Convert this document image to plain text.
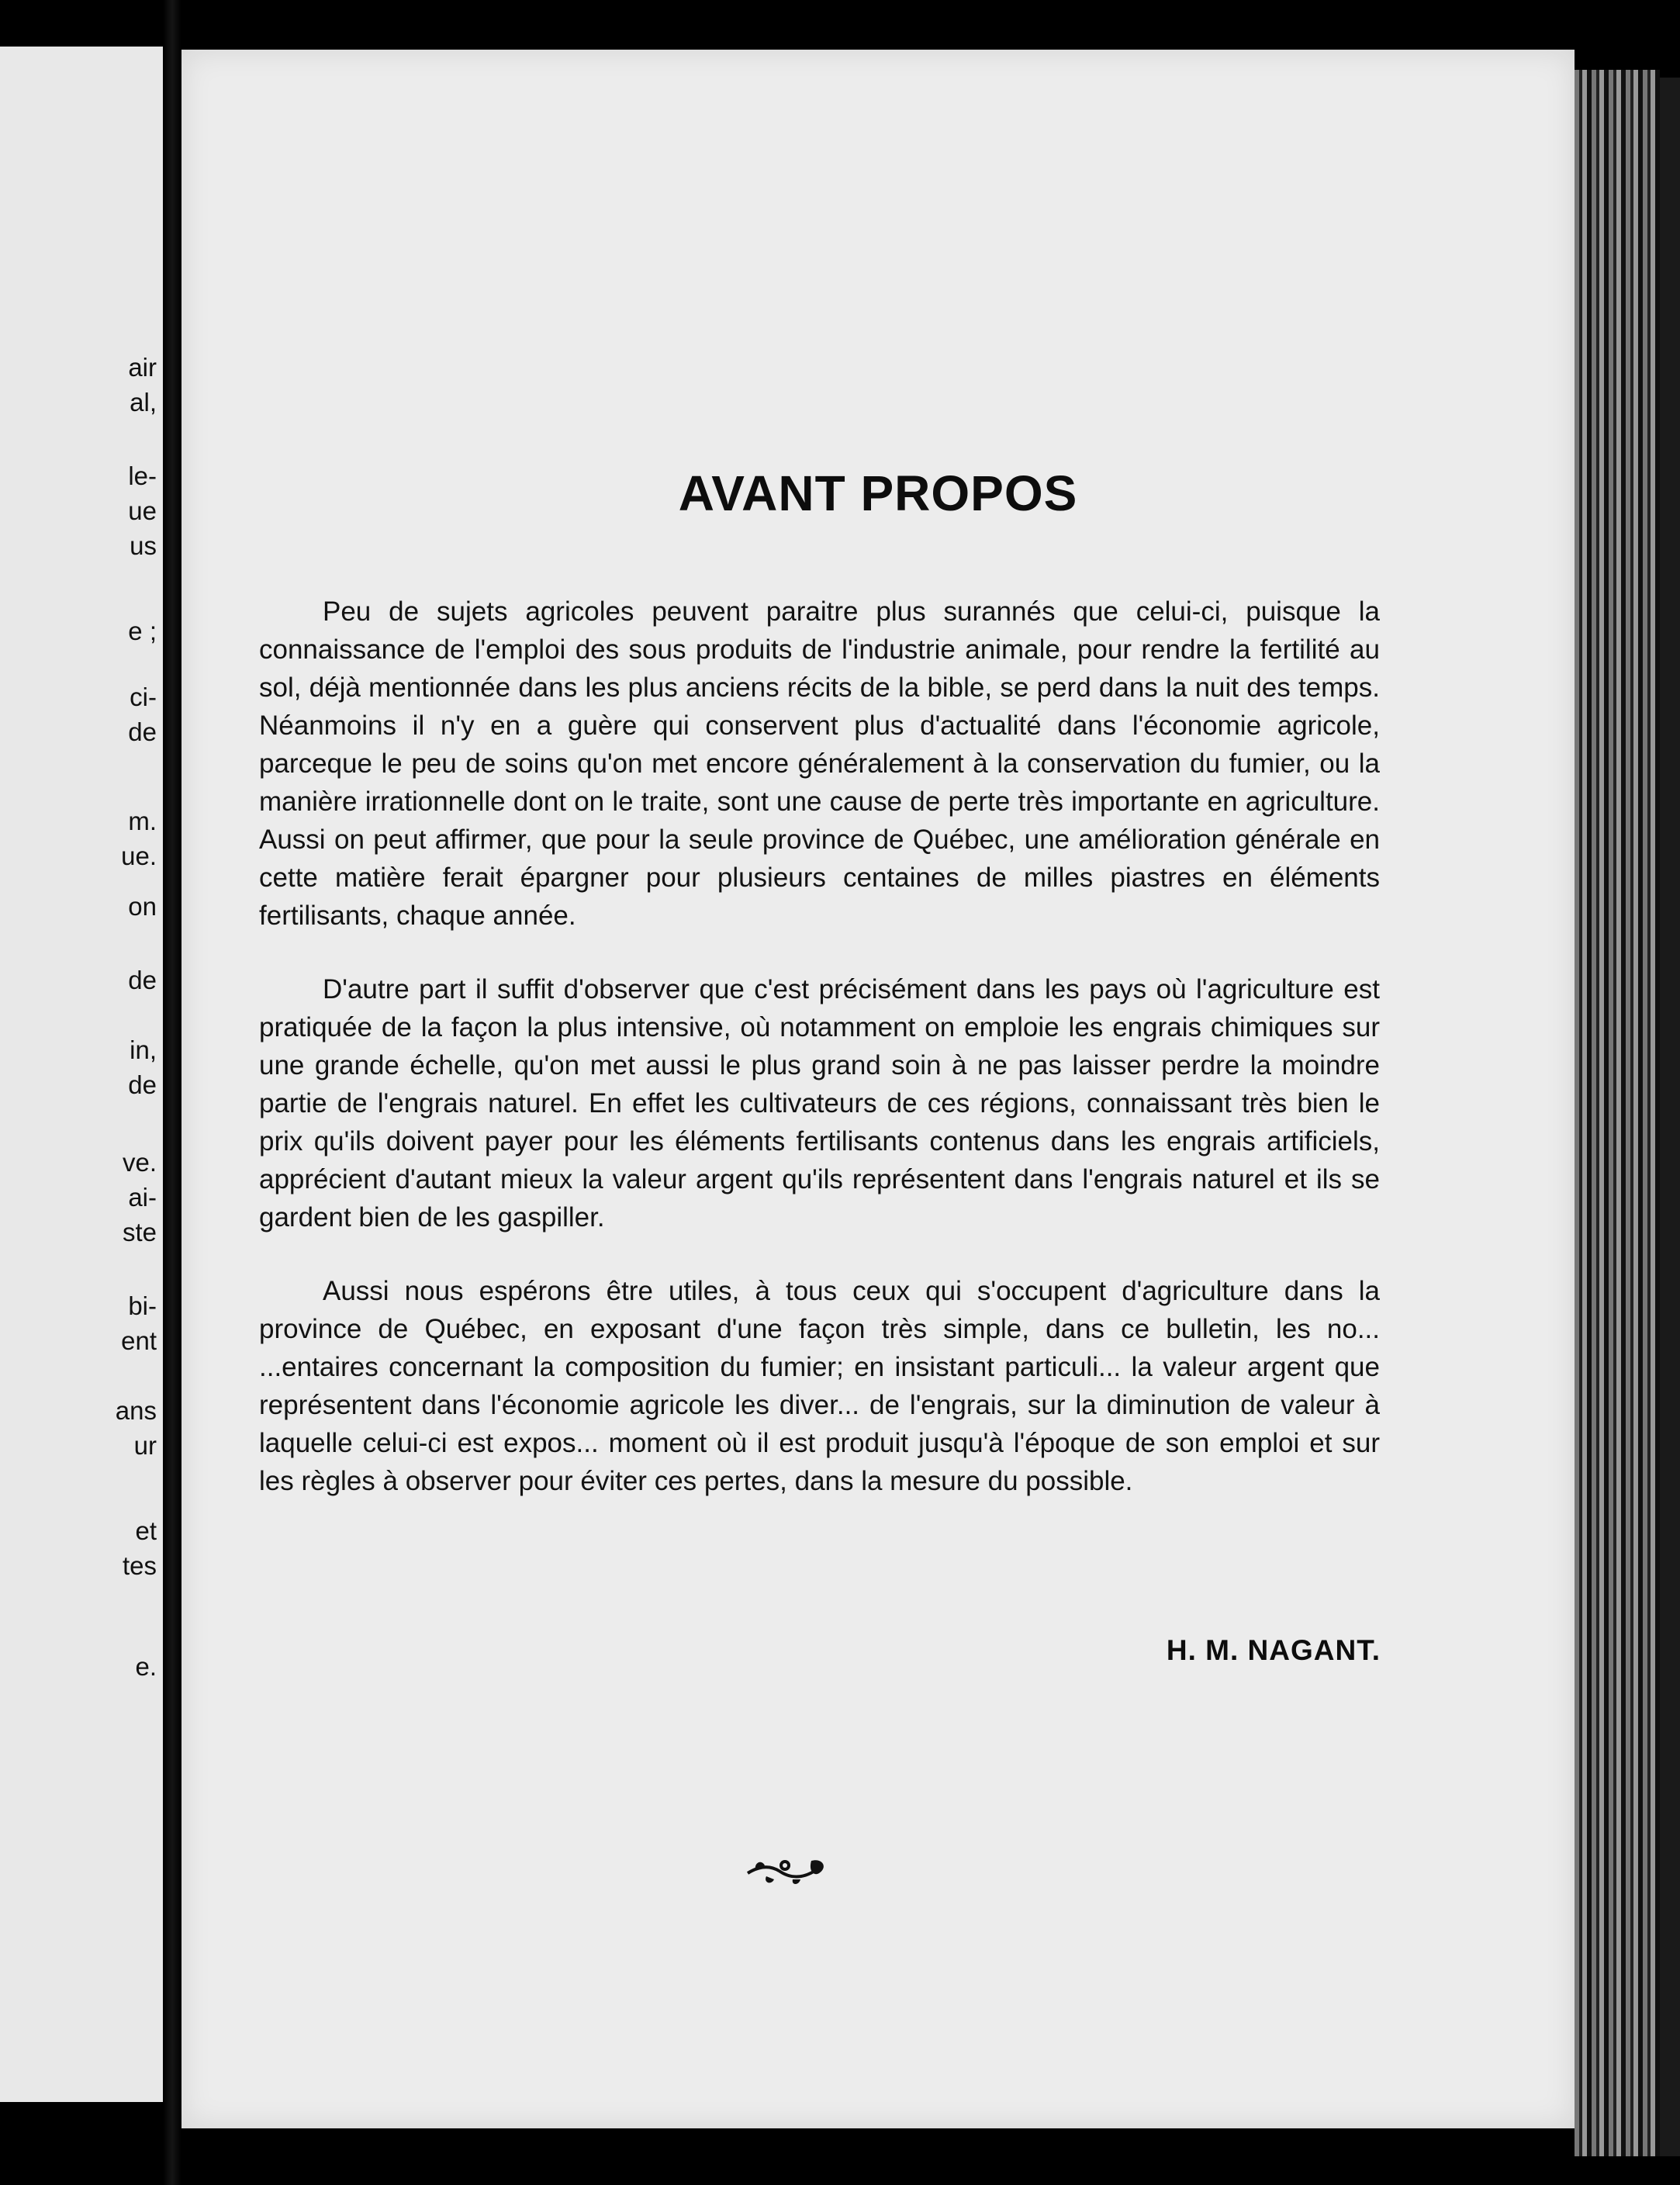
air
al,
le-
ue
us
e ;
ci-
de
m.
ue.
on
de
in,
de
ve.
ai-
ste
bi-
ent
ans
ur
et
tes
e.
AVANT PROPOS

Peu de sujets agricoles peuvent paraitre plus surannés que celui-ci, puisque la connaissance de l'emploi des sous produits de l'industrie animale, pour rendre la fertilité au sol, déjà mentionnée dans les plus anciens récits de la bible, se perd dans la nuit des temps. Néanmoins il n'y en a guère qui conservent plus d'actualité dans l'économie agricole, parceque le peu de soins qu'on met encore généralement à la conservation du fumier, ou la manière irrationnelle dont on le traite, sont une cause de perte très importante en agriculture. Aussi on peut affirmer, que pour la seule province de Québec, une amélioration générale en cette matière ferait épargner pour plusieurs centaines de milles piastres en éléments fertilisants, chaque année.

D'autre part il suffit d'observer que c'est précisément dans les pays où l'agriculture est pratiquée de la façon la plus intensive, où notamment on emploie les engrais chimiques sur une grande échelle, qu'on met aussi le plus grand soin à ne pas laisser perdre la moindre partie de l'engrais naturel. En effet les cultivateurs de ces régions, connaissant très bien le prix qu'ils doivent payer pour les éléments fertilisants contenus dans les engrais artificiels, apprécient d'autant mieux la valeur argent qu'ils représentent dans l'engrais naturel et ils se gardent bien de les gaspiller.

Aussi nous espérons être utiles, à tous ceux qui s'occupent d'agriculture dans la province de Québec, en exposant d'une façon très simple, dans ce bulletin, les no... ...entaires concernant la composition du fumier; en insistant particuli... la valeur argent que représentent dans l'économie agricole les diver... de l'engrais, sur la diminution de valeur à laquelle celui-ci est expos... moment où il est produit jusqu'à l'époque de son emploi et sur les règles à observer pour éviter ces pertes, dans la mesure du possible.

H. M. NAGANT.
